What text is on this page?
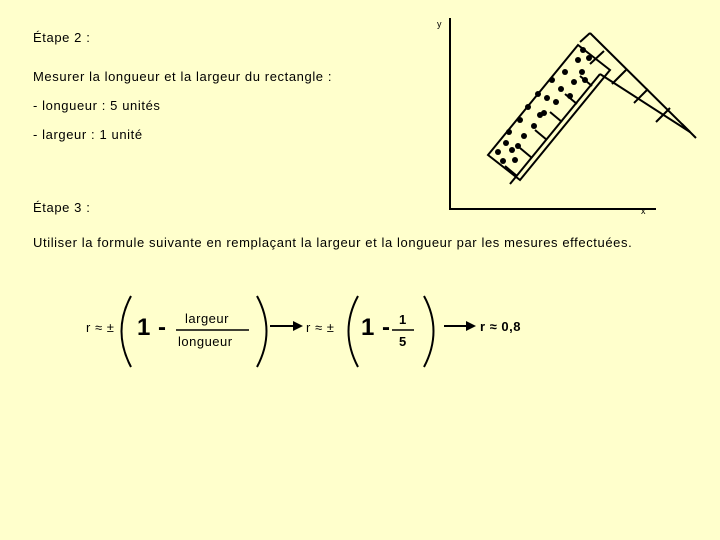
Étape 2 :
Mesurer la longueur et la largeur du rectangle :
- longueur : 5 unités
- largeur : 1 unité
Étape 3 :
Utiliser la formule suivante en remplaçant la largeur et la longueur par les mesures effectuées.
y
x
r ≈ ± 1 - largeur
longueur
r ≈ ± 1 - 1
5
r ≈ 0,8
